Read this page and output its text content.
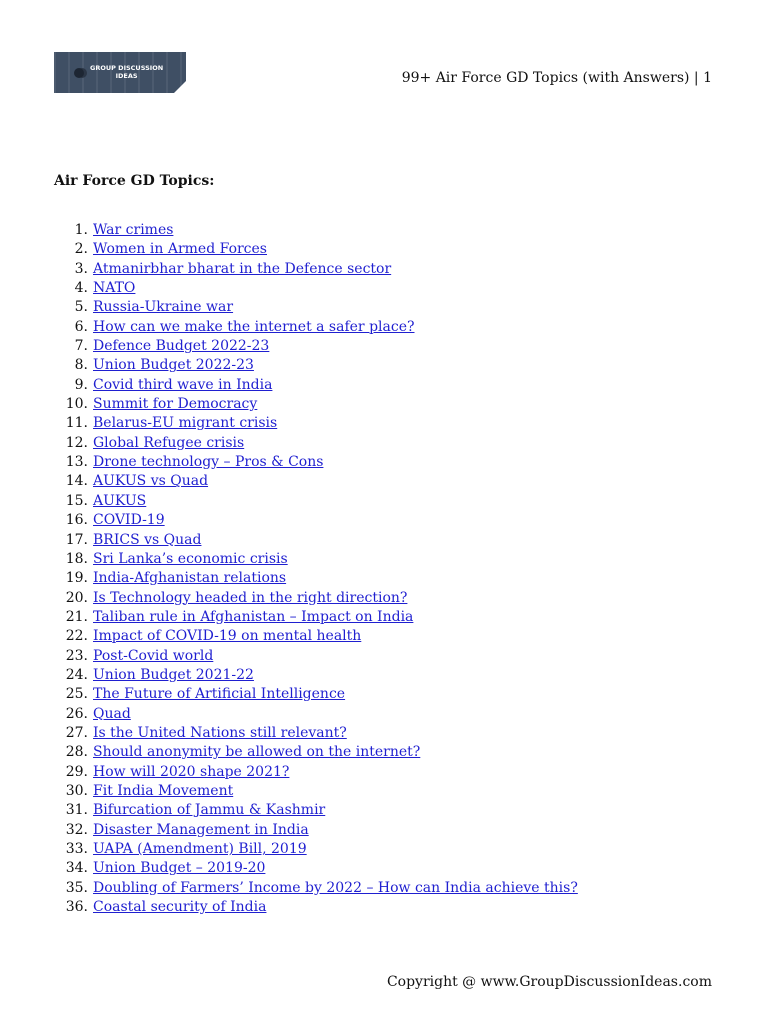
GROUP DISCUSSION
IDEAS	99+ Air Force GD Topics (with Answers) | 1
Air Force GD Topics:
1. War crimes
2. Women in Armed Forces
3. Atmanirbhar bharat in the Defence sector
4. NATO
5. Russia-Ukraine war
6. How can we make the internet a safer place?
7. Defence Budget 2022-23
8. Union Budget 2022-23
9. Covid third wave in India
10. Summit for Democracy
11. Belarus-EU migrant crisis
12. Global Refugee crisis
13. Drone technology – Pros & Cons
14. AUKUS vs Quad
15. AUKUS
16. COVID-19
17. BRICS vs Quad
18. Sri Lanka’s economic crisis
19. India-Afghanistan relations
20. Is Technology headed in the right direction?
21. Taliban rule in Afghanistan – Impact on India
22. Impact of COVID-19 on mental health
23. Post-Covid world
24. Union Budget 2021-22
25. The Future of Artificial Intelligence
26. Quad
27. Is the United Nations still relevant?
28. Should anonymity be allowed on the internet?
29. How will 2020 shape 2021?
30. Fit India Movement
31. Bifurcation of Jammu & Kashmir
32. Disaster Management in India
33. UAPA (Amendment) Bill, 2019
34. Union Budget – 2019-20
35. Doubling of Farmers’ Income by 2022 – How can India achieve this?
36. Coastal security of India
Copyright @ www.GroupDiscussionIdeas.com
